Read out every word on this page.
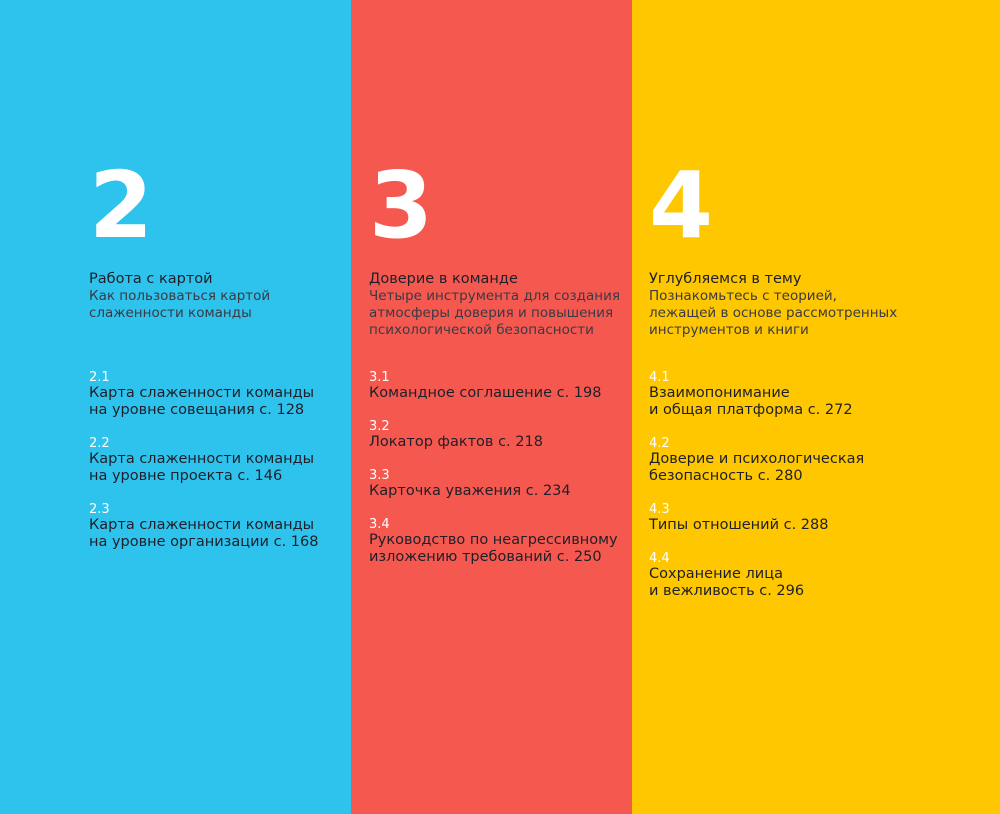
2
Работа с картой
Как пользоваться картой
слаженности команды
2.1
Карта слаженности команды
на уровне совещания с. 128
2.2
Карта слаженности команды
на уровне проекта с. 146
2.3
Карта слаженности команды
на уровне организации с. 168
3
Доверие в команде
Четыре инструмента для создания
атмосферы доверия и повышения
психологической безопасности
3.1
Командное соглашение с. 198
3.2
Локатор фактов с. 218
3.3
Карточка уважения с. 234
3.4
Руководство по неагрессивному
изложению требований с. 250
4
Углубляемся в тему
Познакомьтесь с теорией,
лежащей в основе рассмотренных
инструментов и книги
4.1
Взаимопонимание
и общая платформа с. 272
4.2
Доверие и психологическая
безопасность с. 280
4.3
Типы отношений с. 288
4.4
Сохранение лица
и вежливость с. 296
